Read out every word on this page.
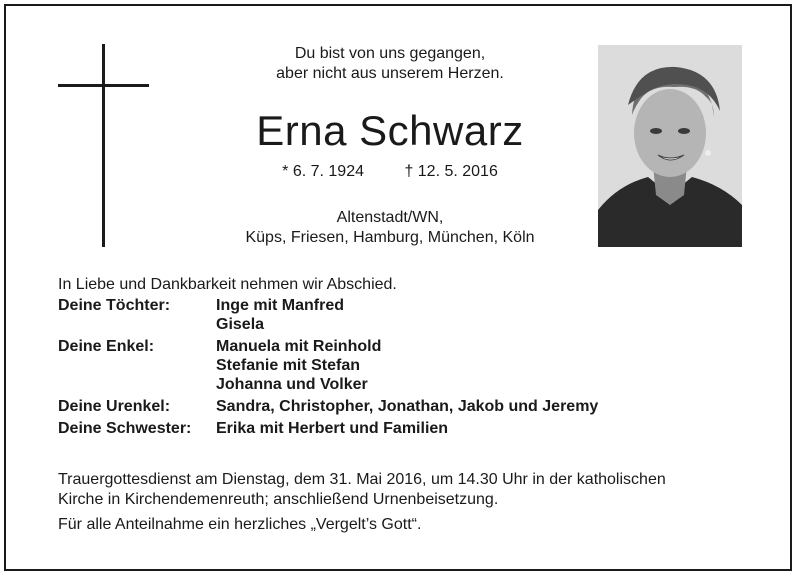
Du bist von uns gegangen,
aber nicht aus unserem Herzen.
Erna Schwarz
* 6. 7. 1924	† 12. 5. 2016
Altenstadt/WN,
Küps, Friesen, Hamburg, München, Köln
In Liebe und Dankbarkeit nehmen wir Abschied.
Deine Töchter:	Inge mit Manfred
Gisela
Deine Enkel:	Manuela mit Reinhold
Stefanie mit Stefan
Johanna und Volker
Deine Urenkel:	Sandra, Christopher, Jonathan, Jakob und Jeremy
Deine Schwester:	Erika mit Herbert und Familien
Trauergottesdienst am Dienstag, dem 31. Mai 2016, um 14.30 Uhr in der katholischen
Kirche in Kirchendemenreuth; anschließend Urnenbeisetzung.
Für alle Anteilnahme ein herzliches „Vergelt’s Gott“.
